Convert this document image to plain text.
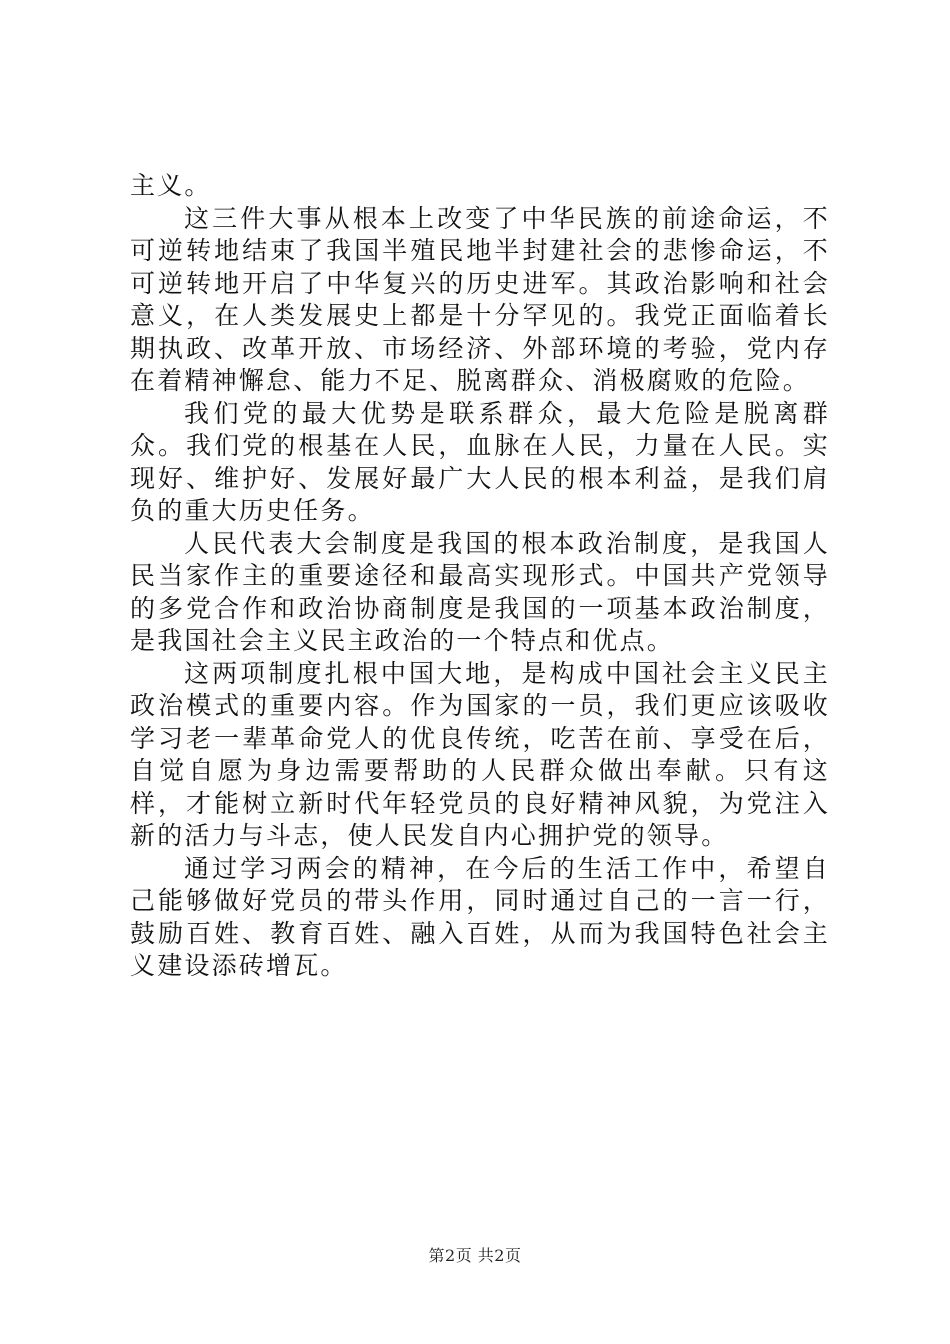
主义。

这三件大事从根本上改变了中华民族的前途命运，不可逆转地结束了我国半殖民地半封建社会的悲惨命运，不可逆转地开启了中华复兴的历史进军。其政治影响和社会意义，在人类发展史上都是十分罕见的。我党正面临着长期执政、改革开放、市场经济、外部环境的考验，党内存在着精神懈怠、能力不足、脱离群众、消极腐败的危险。

我们党的最大优势是联系群众，最大危险是脱离群众。我们党的根基在人民，血脉在人民，力量在人民。实现好、维护好、发展好最广大人民的根本利益，是我们肩负的重大历史任务。

人民代表大会制度是我国的根本政治制度，是我国人民当家作主的重要途径和最高实现形式。中国共产党领导的多党合作和政治协商制度是我国的一项基本政治制度，是我国社会主义民主政治的一个特点和优点。

这两项制度扎根中国大地，是构成中国社会主义民主政治模式的重要内容。作为国家的一员，我们更应该吸收学习老一辈革命党人的优良传统，吃苦在前、享受在后，自觉自愿为身边需要帮助的人民群众做出奉献。只有这样，才能树立新时代年轻党员的良好精神风貌，为党注入新的活力与斗志，使人民发自内心拥护党的领导。

通过学习两会的精神，在今后的生活工作中，希望自己能够做好党员的带头作用，同时通过自己的一言一行，鼓励百姓、教育百姓、融入百姓，从而为我国特色社会主义建设添砖增瓦。

第2页 共2页
